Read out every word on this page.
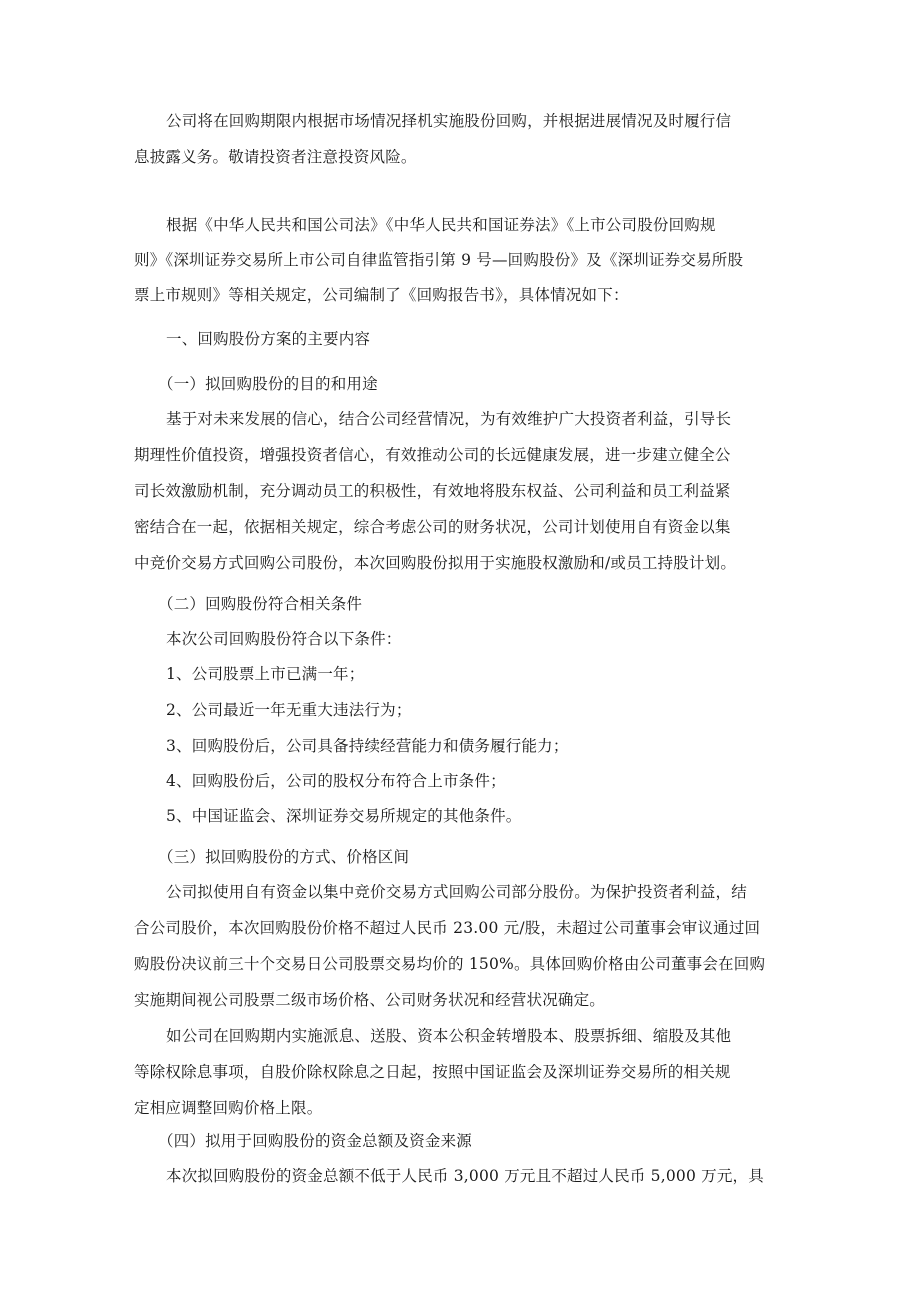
公司将在回购期限内根据市场情况择机实施股份回购，并根据进展情况及时履行信
息披露义务。敬请投资者注意投资风险。
根据《中华人民共和国公司法》《中华人民共和国证券法》《上市公司股份回购规
则》《深圳证券交易所上市公司自律监管指引第 9 号—回购股份》及《深圳证券交易所股
票上市规则》等相关规定，公司编制了《回购报告书》，具体情况如下：
一、回购股份方案的主要内容
（一）拟回购股份的目的和用途
基于对未来发展的信心，结合公司经营情况，为有效维护广大投资者利益，引导长
期理性价值投资，增强投资者信心，有效推动公司的长远健康发展，进一步建立健全公
司长效激励机制，充分调动员工的积极性，有效地将股东权益、公司利益和员工利益紧
密结合在一起，依据相关规定，综合考虑公司的财务状况，公司计划使用自有资金以集
中竞价交易方式回购公司股份，本次回购股份拟用于实施股权激励和/或员工持股计划。
（二）回购股份符合相关条件
本次公司回购股份符合以下条件：
1、公司股票上市已满一年；
2、公司最近一年无重大违法行为；
3、回购股份后，公司具备持续经营能力和债务履行能力；
4、回购股份后，公司的股权分布符合上市条件；
5、中国证监会、深圳证券交易所规定的其他条件。
（三）拟回购股份的方式、价格区间
公司拟使用自有资金以集中竞价交易方式回购公司部分股份。为保护投资者利益，结
合公司股价，本次回购股份价格不超过人民币 23.00 元/股，未超过公司董事会审议通过回
购股份决议前三十个交易日公司股票交易均价的 150%。具体回购价格由公司董事会在回购
实施期间视公司股票二级市场价格、公司财务状况和经营状况确定。
如公司在回购期内实施派息、送股、资本公积金转增股本、股票拆细、缩股及其他
等除权除息事项，自股价除权除息之日起，按照中国证监会及深圳证券交易所的相关规
定相应调整回购价格上限。
（四）拟用于回购股份的资金总额及资金来源
本次拟回购股份的资金总额不低于人民币 3,000 万元且不超过人民币 5,000 万元，具
